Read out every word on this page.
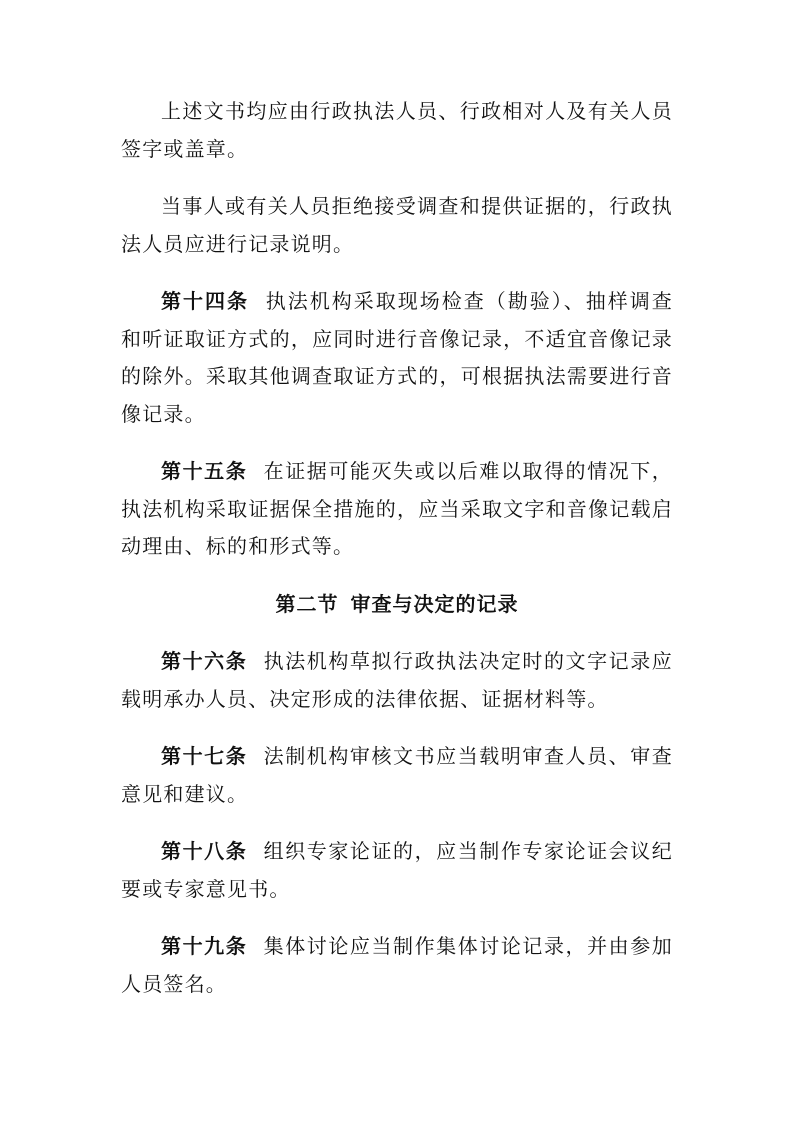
上述文书均应由行政执法人员、行政相对人及有关人员签字或盖章。

当事人或有关人员拒绝接受调查和提供证据的，行政执法人员应进行记录说明。

第十四条 执法机构采取现场检查（勘验）、抽样调查和听证取证方式的，应同时进行音像记录，不适宜音像记录的除外。采取其他调查取证方式的，可根据执法需要进行音像记录。

第十五条 在证据可能灭失或以后难以取得的情况下，执法机构采取证据保全措施的，应当采取文字和音像记载启动理由、标的和形式等。

第二节 审查与决定的记录

第十六条 执法机构草拟行政执法决定时的文字记录应载明承办人员、决定形成的法律依据、证据材料等。

第十七条 法制机构审核文书应当载明审查人员、审查意见和建议。

第十八条 组织专家论证的，应当制作专家论证会议纪要或专家意见书。

第十九条 集体讨论应当制作集体讨论记录，并由参加人员签名。
